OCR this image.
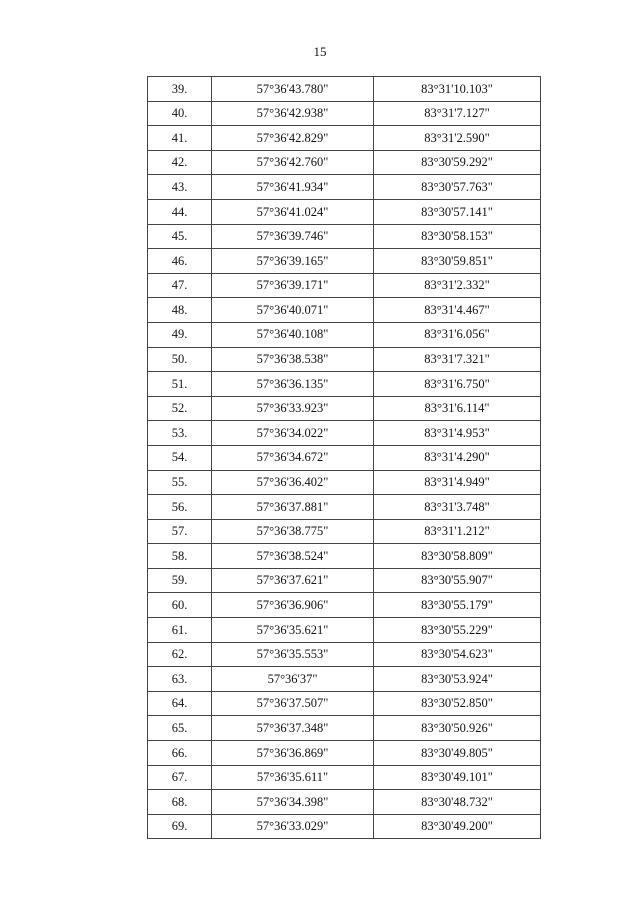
15
39.	57°36'43.780"	83°31'10.103"
40.	57°36'42.938"	83°31'7.127"
41.	57°36'42.829"	83°31'2.590"
42.	57°36'42.760"	83°30'59.292"
43.	57°36'41.934"	83°30'57.763"
44.	57°36'41.024"	83°30'57.141"
45.	57°36'39.746"	83°30'58.153"
46.	57°36'39.165"	83°30'59.851"
47.	57°36'39.171"	83°31'2.332"
48.	57°36'40.071"	83°31'4.467"
49.	57°36'40.108"	83°31'6.056"
50.	57°36'38.538"	83°31'7.321"
51.	57°36'36.135"	83°31'6.750"
52.	57°36'33.923"	83°31'6.114"
53.	57°36'34.022"	83°31'4.953"
54.	57°36'34.672"	83°31'4.290"
55.	57°36'36.402"	83°31'4.949"
56.	57°36'37.881"	83°31'3.748"
57.	57°36'38.775"	83°31'1.212"
58.	57°36'38.524"	83°30'58.809"
59.	57°36'37.621"	83°30'55.907"
60.	57°36'36.906"	83°30'55.179"
61.	57°36'35.621"	83°30'55.229"
62.	57°36'35.553"	83°30'54.623"
63.	57°36'37"	83°30'53.924"
64.	57°36'37.507"	83°30'52.850"
65.	57°36'37.348"	83°30'50.926"
66.	57°36'36.869"	83°30'49.805"
67.	57°36'35.611"	83°30'49.101"
68.	57°36'34.398"	83°30'48.732"
69.	57°36'33.029"	83°30'49.200"
